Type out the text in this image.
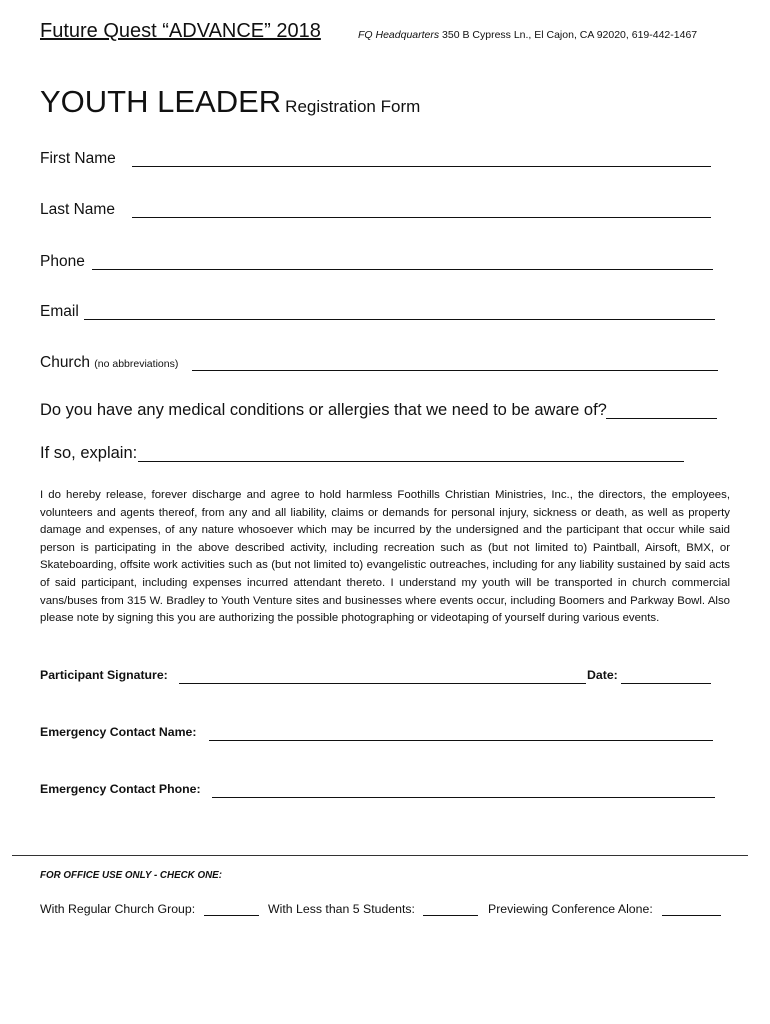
Future Quest “ADVANCE” 2018	FQ Headquarters 350 B Cypress Ln., El Cajon, CA 92020, 619-442-1467
YOUTH LEADER Registration Form
First Name
Last Name
Phone
Email
Church (no abbreviations)
Do you have any medical conditions or allergies that we need to be aware of?
If so, explain:
I do hereby release, forever discharge and agree to hold harmless Foothills Christian Ministries, Inc., the directors, the employees, volunteers and agents thereof, from any and all liability, claims or demands for personal injury, sickness or death, as well as property damage and expenses, of any nature whosoever which may be incurred by the undersigned and the participant that occur while said person is participating in the above described activity, including recreation such as (but not limited to) Paintball, Airsoft, BMX, or Skateboarding, offsite work activities such as (but not limited to) evangelistic outreaches, including for any liability sustained by said acts of said participant, including expenses incurred attendant thereto. I understand my youth will be transported in church commercial vans/buses from 315 W. Bradley to Youth Venture sites and businesses where events occur, including Boomers and Parkway Bowl. Also please note by signing this you are authorizing the possible photographing or videotaping of yourself during various events.
Participant Signature:	Date:
Emergency Contact Name:
Emergency Contact Phone:
FOR OFFICE USE ONLY - CHECK ONE:
With Regular Church Group:	With Less than 5 Students:	Previewing Conference Alone:
